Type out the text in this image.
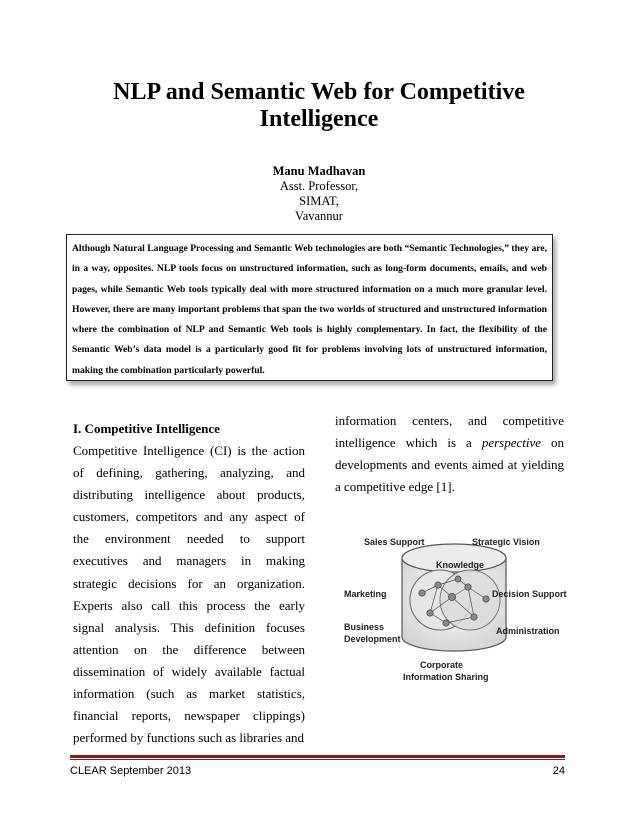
NLP and Semantic Web for Competitive Intelligence
Manu Madhavan
Asst. Professor,
SIMAT,
Vavannur
Although Natural Language Processing and Semantic Web technologies are both “Semantic Technologies,” they are, in a way, opposites. NLP tools focus on unstructured information, such as long-form documents, emails, and web pages, while Semantic Web tools typically deal with more structured information on a much more granular level. However, there are many important problems that span the two worlds of structured and unstructured information where the combination of NLP and Semantic Web tools is highly complementary. In fact, the flexibility of the Semantic Web’s data model is a particularly good fit for problems involving lots of unstructured information, making the combination particularly powerful.

I. Competitive Intelligence

Competitive Intelligence (CI) is the action of defining, gathering, analyzing, and distributing intelligence about products, customers, competitors and any aspect of the environment needed to support executives and managers in making strategic decisions for an organization. Experts also call this process the early signal analysis. This definition focuses attention on the difference between dissemination of widely available factual information (such as market statistics, financial reports, newspaper clippings) performed by functions such as libraries and

information centers, and competitive intelligence which is a perspective on developments and events aimed at yielding a competitive edge [1].

Sales Support	Strategic Vision
Knowledge
Marketing	Decision Support
Business
Development
Administration
Corporate
Information Sharing
CLEAR September 2013	24
